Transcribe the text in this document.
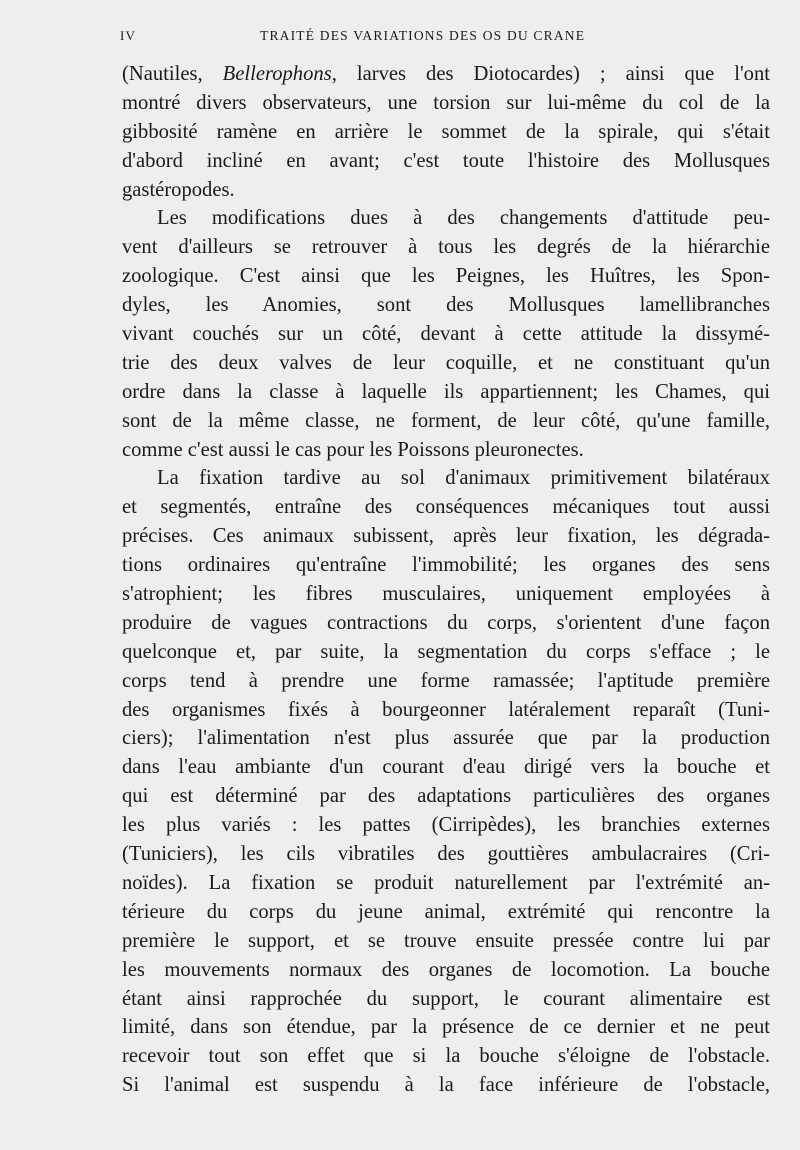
IV	TRAITÉ DES VARIATIONS DES OS DU CRANE
(Nautiles, Bellerophons, larves des Diotocardes) ; ainsi que l'ont
montré divers observateurs, une torsion sur lui-même du col de la
gibbosité ramène en arrière le sommet de la spirale, qui s'était
d'abord incliné en avant; c'est toute l'histoire des Mollusques
gastéropodes.
Les modifications dues à des changements d'attitude peu-
vent d'ailleurs se retrouver à tous les degrés de la hiérarchie
zoologique. C'est ainsi que les Peignes, les Huîtres, les Spon-
dyles, les Anomies, sont des Mollusques lamellibranches
vivant couchés sur un côté, devant à cette attitude la dissymé-
trie des deux valves de leur coquille, et ne constituant qu'un
ordre dans la classe à laquelle ils appartiennent; les Chames, qui
sont de la même classe, ne forment, de leur côté, qu'une famille,
comme c'est aussi le cas pour les Poissons pleuronectes.
La fixation tardive au sol d'animaux primitivement bilatéraux
et segmentés, entraîne des conséquences mécaniques tout aussi
précises. Ces animaux subissent, après leur fixation, les dégrada-
tions ordinaires qu'entraîne l'immobilité; les organes des sens
s'atrophient; les fibres musculaires, uniquement employées à
produire de vagues contractions du corps, s'orientent d'une façon
quelconque et, par suite, la segmentation du corps s'efface ; le
corps tend à prendre une forme ramassée; l'aptitude première
des organismes fixés à bourgeonner latéralement reparaît (Tuni-
ciers); l'alimentation n'est plus assurée que par la production
dans l'eau ambiante d'un courant d'eau dirigé vers la bouche et
qui est déterminé par des adaptations particulières des organes
les plus variés : les pattes (Cirripèdes), les branchies externes
(Tuniciers), les cils vibratiles des gouttières ambulacraires (Cri-
noïdes). La fixation se produit naturellement par l'extrémité an-
térieure du corps du jeune animal, extrémité qui rencontre la
première le support, et se trouve ensuite pressée contre lui par
les mouvements normaux des organes de locomotion. La bouche
étant ainsi rapprochée du support, le courant alimentaire est
limité, dans son étendue, par la présence de ce dernier et ne peut
recevoir tout son effet que si la bouche s'éloigne de l'obstacle.
Si l'animal est suspendu à la face inférieure de l'obstacle,
